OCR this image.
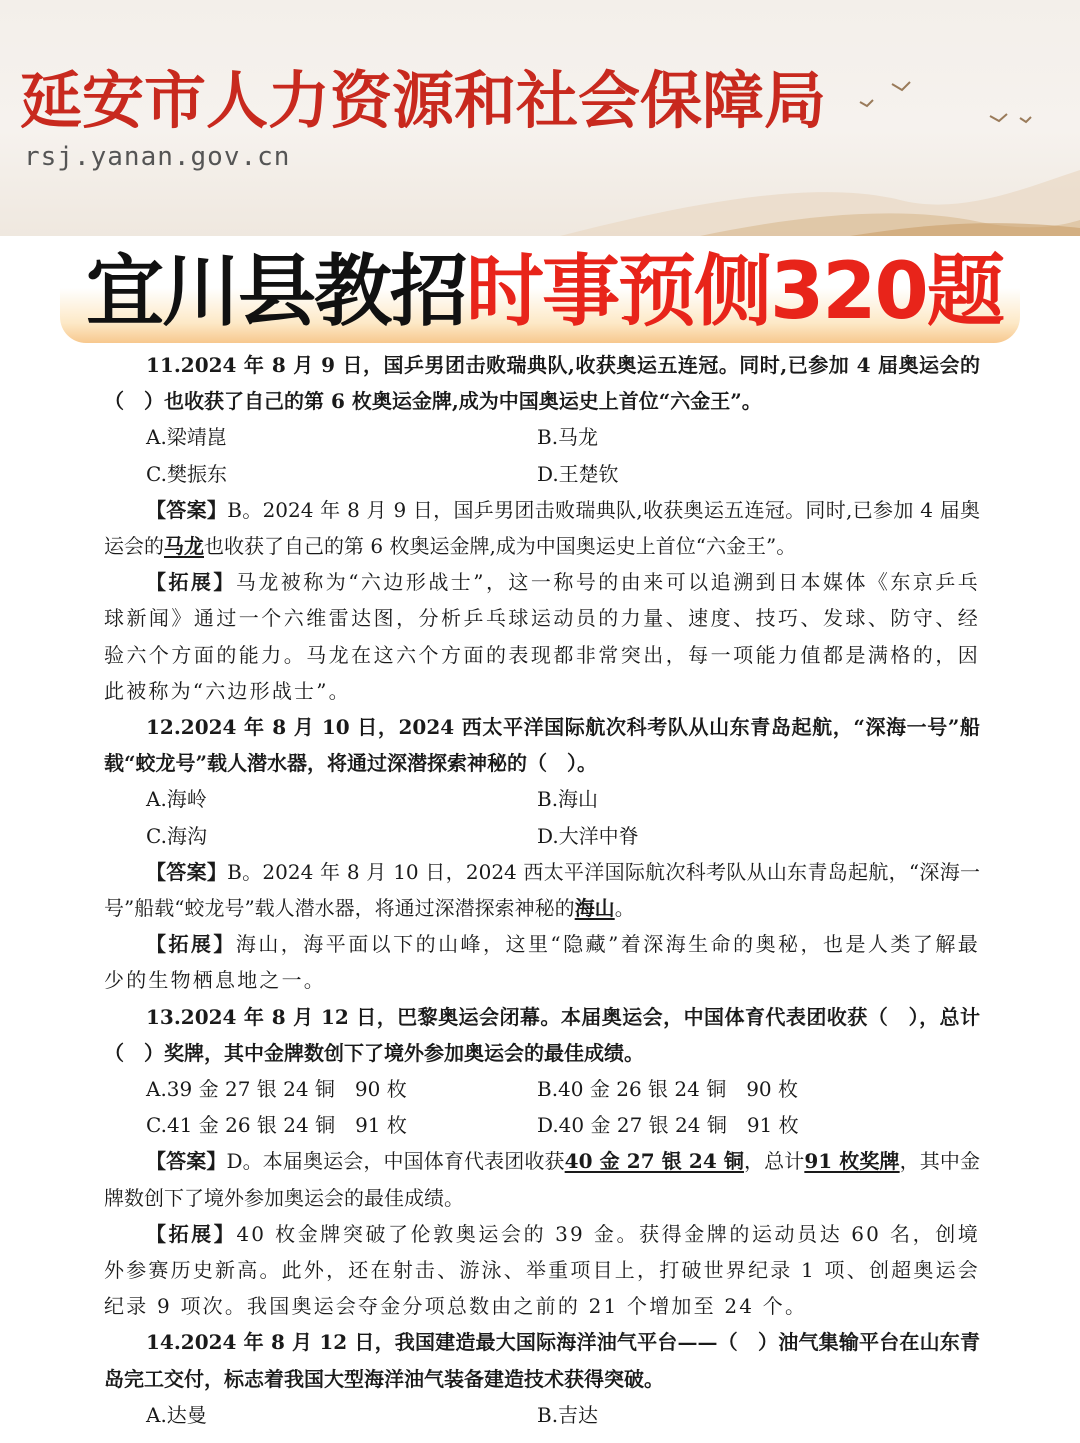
延安市人力资源和社会保障局
rsj.yanan.gov.cn
宜川县教招时事预侧320题

11.2024 年 8 月 9 日，国乒男团击败瑞典队,收获奥运五连冠。同时,已参加 4 届奥运会的（　）也收获了自己的第 6 枚奥运金牌,成为中国奥运史上首位“六金王”。

A.梁靖崑	B.马龙

C.樊振东	D.王楚钦

【答案】B。2024 年 8 月 9 日，国乒男团击败瑞典队,收获奥运五连冠。同时,已参加 4 届奥运会的马龙也收获了自己的第 6 枚奥运金牌,成为中国奥运史上首位“六金王”。

【拓展】马龙被称为“六边形战士”，这一称号的由来可以追溯到日本媒体《东京乒乓球新闻》通过一个六维雷达图，分析乒乓球运动员的力量、速度、技巧、发球、防守、经验六个方面的能力。马龙在这六个方面的表现都非常突出，每一项能力值都是满格的，因此被称为“六边形战士”。

12.2024 年 8 月 10 日，2024 西太平洋国际航次科考队从山东青岛起航，“深海一号”船载“蛟龙号”载人潜水器，将通过深潜探索神秘的（　）。

A.海岭	B.海山

C.海沟	D.大洋中脊

【答案】B。2024 年 8 月 10 日，2024 西太平洋国际航次科考队从山东青岛起航，“深海一号”船载“蛟龙号”载人潜水器，将通过深潜探索神秘的海山。

【拓展】海山，海平面以下的山峰，这里“隐藏”着深海生命的奥秘，也是人类了解最少的生物栖息地之一。

13.2024 年 8 月 12 日，巴黎奥运会闭幕。本届奥运会，中国体育代表团收获（　），总计（　）奖牌，其中金牌数创下了境外参加奥运会的最佳成绩。

A.39 金 27 银 24 铜　90 枚	B.40 金 26 银 24 铜　90 枚

C.41 金 26 银 24 铜　91 枚	D.40 金 27 银 24 铜　91 枚

【答案】D。本届奥运会，中国体育代表团收获40 金 27 银 24 铜，总计91 枚奖牌，其中金牌数创下了境外参加奥运会的最佳成绩。

【拓展】40 枚金牌突破了伦敦奥运会的 39 金。获得金牌的运动员达 60 名，创境外参赛历史新高。此外，还在射击、游泳、举重项目上，打破世界纪录 1 项、创超奥运会纪录 9 项次。我国奥运会夺金分项总数由之前的 21 个增加至 24 个。

14.2024 年 8 月 12 日，我国建造最大国际海洋油气平台——（　）油气集输平台在山东青岛完工交付，标志着我国大型海洋油气装备建造技术获得突破。

A.达曼	B.吉达
